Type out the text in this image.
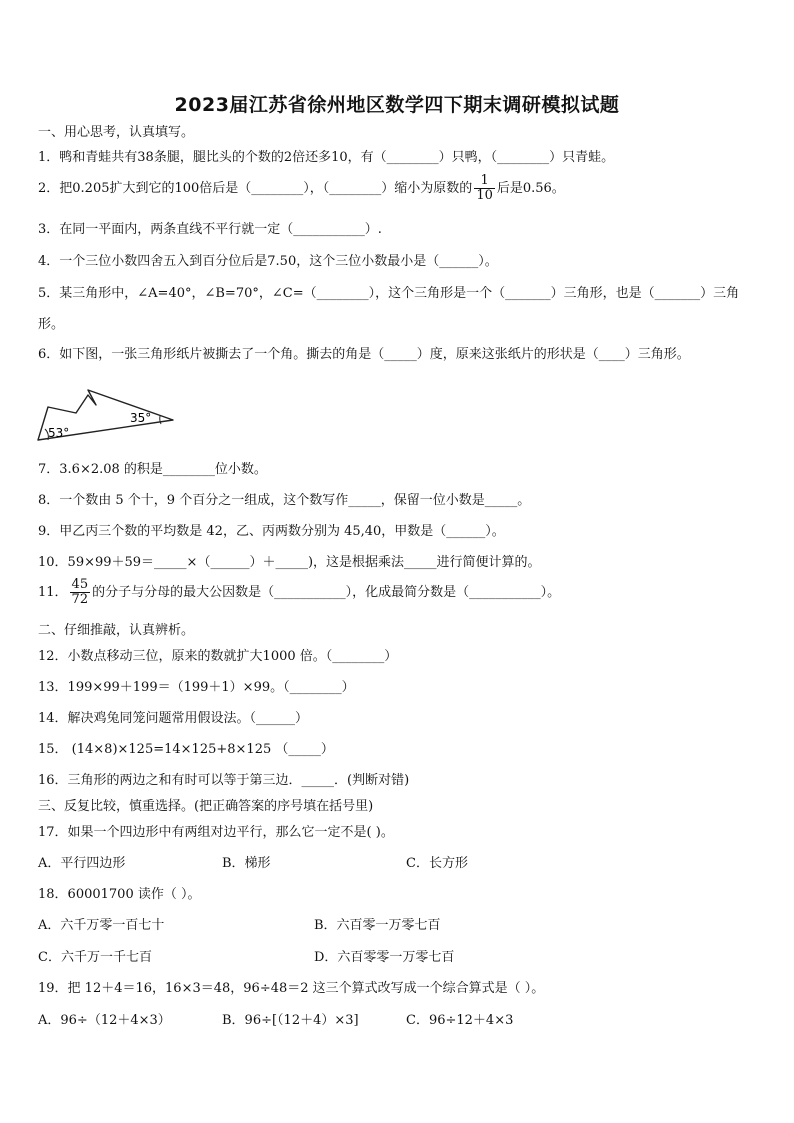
2023届江苏省徐州地区数学四下期末调研模拟试题
一、用心思考，认真填写。
1．鸭和青蛙共有38条腿，腿比头的个数的2倍还多10，有（________）只鸭，（________）只青蛙。
2．把0.205扩大到它的100倍后是（________），（________）缩小为原数的 $\frac{1}{10}$ 后是0.56。
3．在同一平面内，两条直线不平行就一定（___________）.
4．一个三位小数四舍五入到百分位后是7.50，这个三位小数最小是（______）。
5．某三角形中，∠A=40°，∠B=70°，∠C=（________），这个三角形是一个（_______）三角形，也是（_______）三角
形。
6．如下图，一张三角形纸片被撕去了一个角。撕去的角是（_____）度，原来这张纸片的形状是（____）三角形。
53°
35°
7．3.6×2.08 的积是________位小数。
8．一个数由 5 个十，9 个百分之一组成，这个数写作_____，保留一位小数是_____。
9．甲乙丙三个数的平均数是 42，乙、丙两数分别为 45,40，甲数是（______）。
10．59×99＋59＝_____×（______）＋_____)，这是根据乘法_____进行简便计算的。
11． $\frac{45}{72}$ 的分子与分母的最大公因数是（___________），化成最简分数是（___________）。
二、仔细推敲，认真辨析。
12．小数点移动三位，原来的数就扩大1000 倍。（________）
13．199×99＋199＝（199＋1）×99。（________）
14．解决鸡兔同笼问题常用假设法。（______）
15． (14×8)×125=14×125+8×125 （_____）
16．三角形的两边之和有时可以等于第三边．_____．(判断对错)
三、反复比较，慎重选择。(把正确答案的序号填在括号里)
17．如果一个四边形中有两组对边平行，那么它一定不是( )。
A．平行四边形	B．梯形	C．长方形
18．60001700 读作（ ）。
A．六千万零一百七十	B．六百零一万零七百
C．六千万一千七百	D．六百零零一万零七百
19．把 12＋4＝16，16×3＝48，96÷48＝2 这三个算式改写成一个综合算式是（ ）。
A．96÷（12＋4×3）	B．96÷[（12＋4）×3]	C．96÷12＋4×3
